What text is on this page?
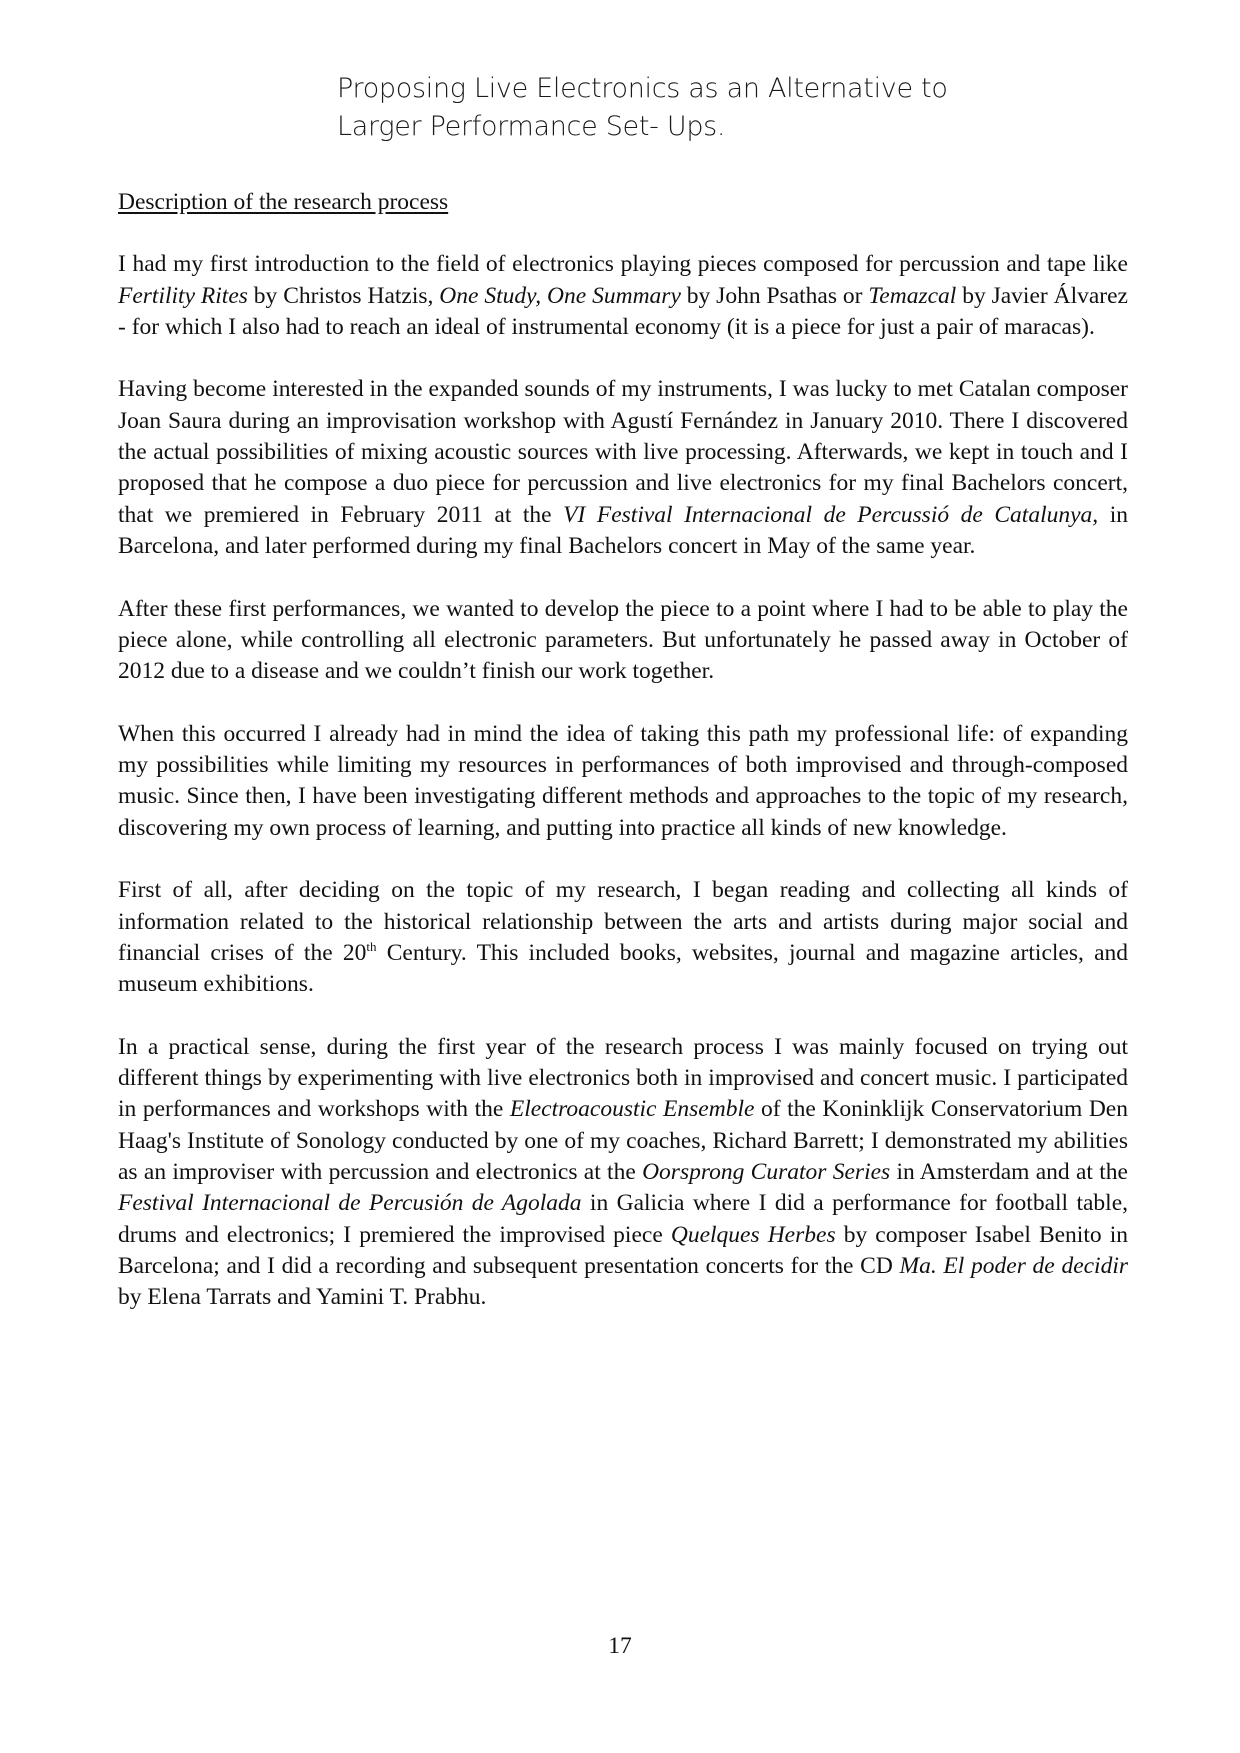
Proposing Live Electronics as an Alternative to
Larger Performance Set- Ups.
Description of the research process

I had my first introduction to the field of electronics playing pieces composed for percussion and tape like Fertility Rites by Christos Hatzis, One Study, One Summary by John Psathas or Temazcal by Javier Álvarez - for which I also had to reach an ideal of instrumental economy (it is a piece for just a pair of maracas).

Having become interested in the expanded sounds of my instruments, I was lucky to met Catalan composer Joan Saura during an improvisation workshop with Agustí Fernández in January 2010. There I discovered the actual possibilities of mixing acoustic sources with live processing. Afterwards, we kept in touch and I proposed that he compose a duo piece for percussion and live electronics for my final Bachelors concert, that we premiered in February 2011 at the VI Festival Internacional de Percussió de Catalunya, in Barcelona, and later performed during my final Bachelors concert in May of the same year.

After these first performances, we wanted to develop the piece to a point where I had to be able to play the piece alone, while controlling all electronic parameters. But unfortunately he passed away in October of 2012 due to a disease and we couldn’t finish our work together.

When this occurred I already had in mind the idea of taking this path my professional life: of expanding my possibilities while limiting my resources in performances of both improvised and through-composed music. Since then, I have been investigating different methods and approaches to the topic of my research, discovering my own process of learning, and putting into practice all kinds of new knowledge.

First of all, after deciding on the topic of my research, I began reading and collecting all kinds of information related to the historical relationship between the arts and artists during major social and financial crises of the 20th Century. This included books, websites, journal and magazine articles, and museum exhibitions.

In a practical sense, during the first year of the research process I was mainly focused on trying out different things by experimenting with live electronics both in improvised and concert music. I participated in performances and workshops with the Electroacoustic Ensemble of the Koninklijk Conservatorium Den Haag's Institute of Sonology conducted by one of my coaches, Richard Barrett; I demonstrated my abilities as an improviser with percussion and electronics at the Oorsprong Curator Series in Amsterdam and at the Festival Internacional de Percusión de Agolada in Galicia where I did a performance for football table, drums and electronics; I premiered the improvised piece Quelques Herbes by composer Isabel Benito in Barcelona; and I did a recording and subsequent presentation concerts for the CD Ma. El poder de decidir by Elena Tarrats and Yamini T. Prabhu.

17
